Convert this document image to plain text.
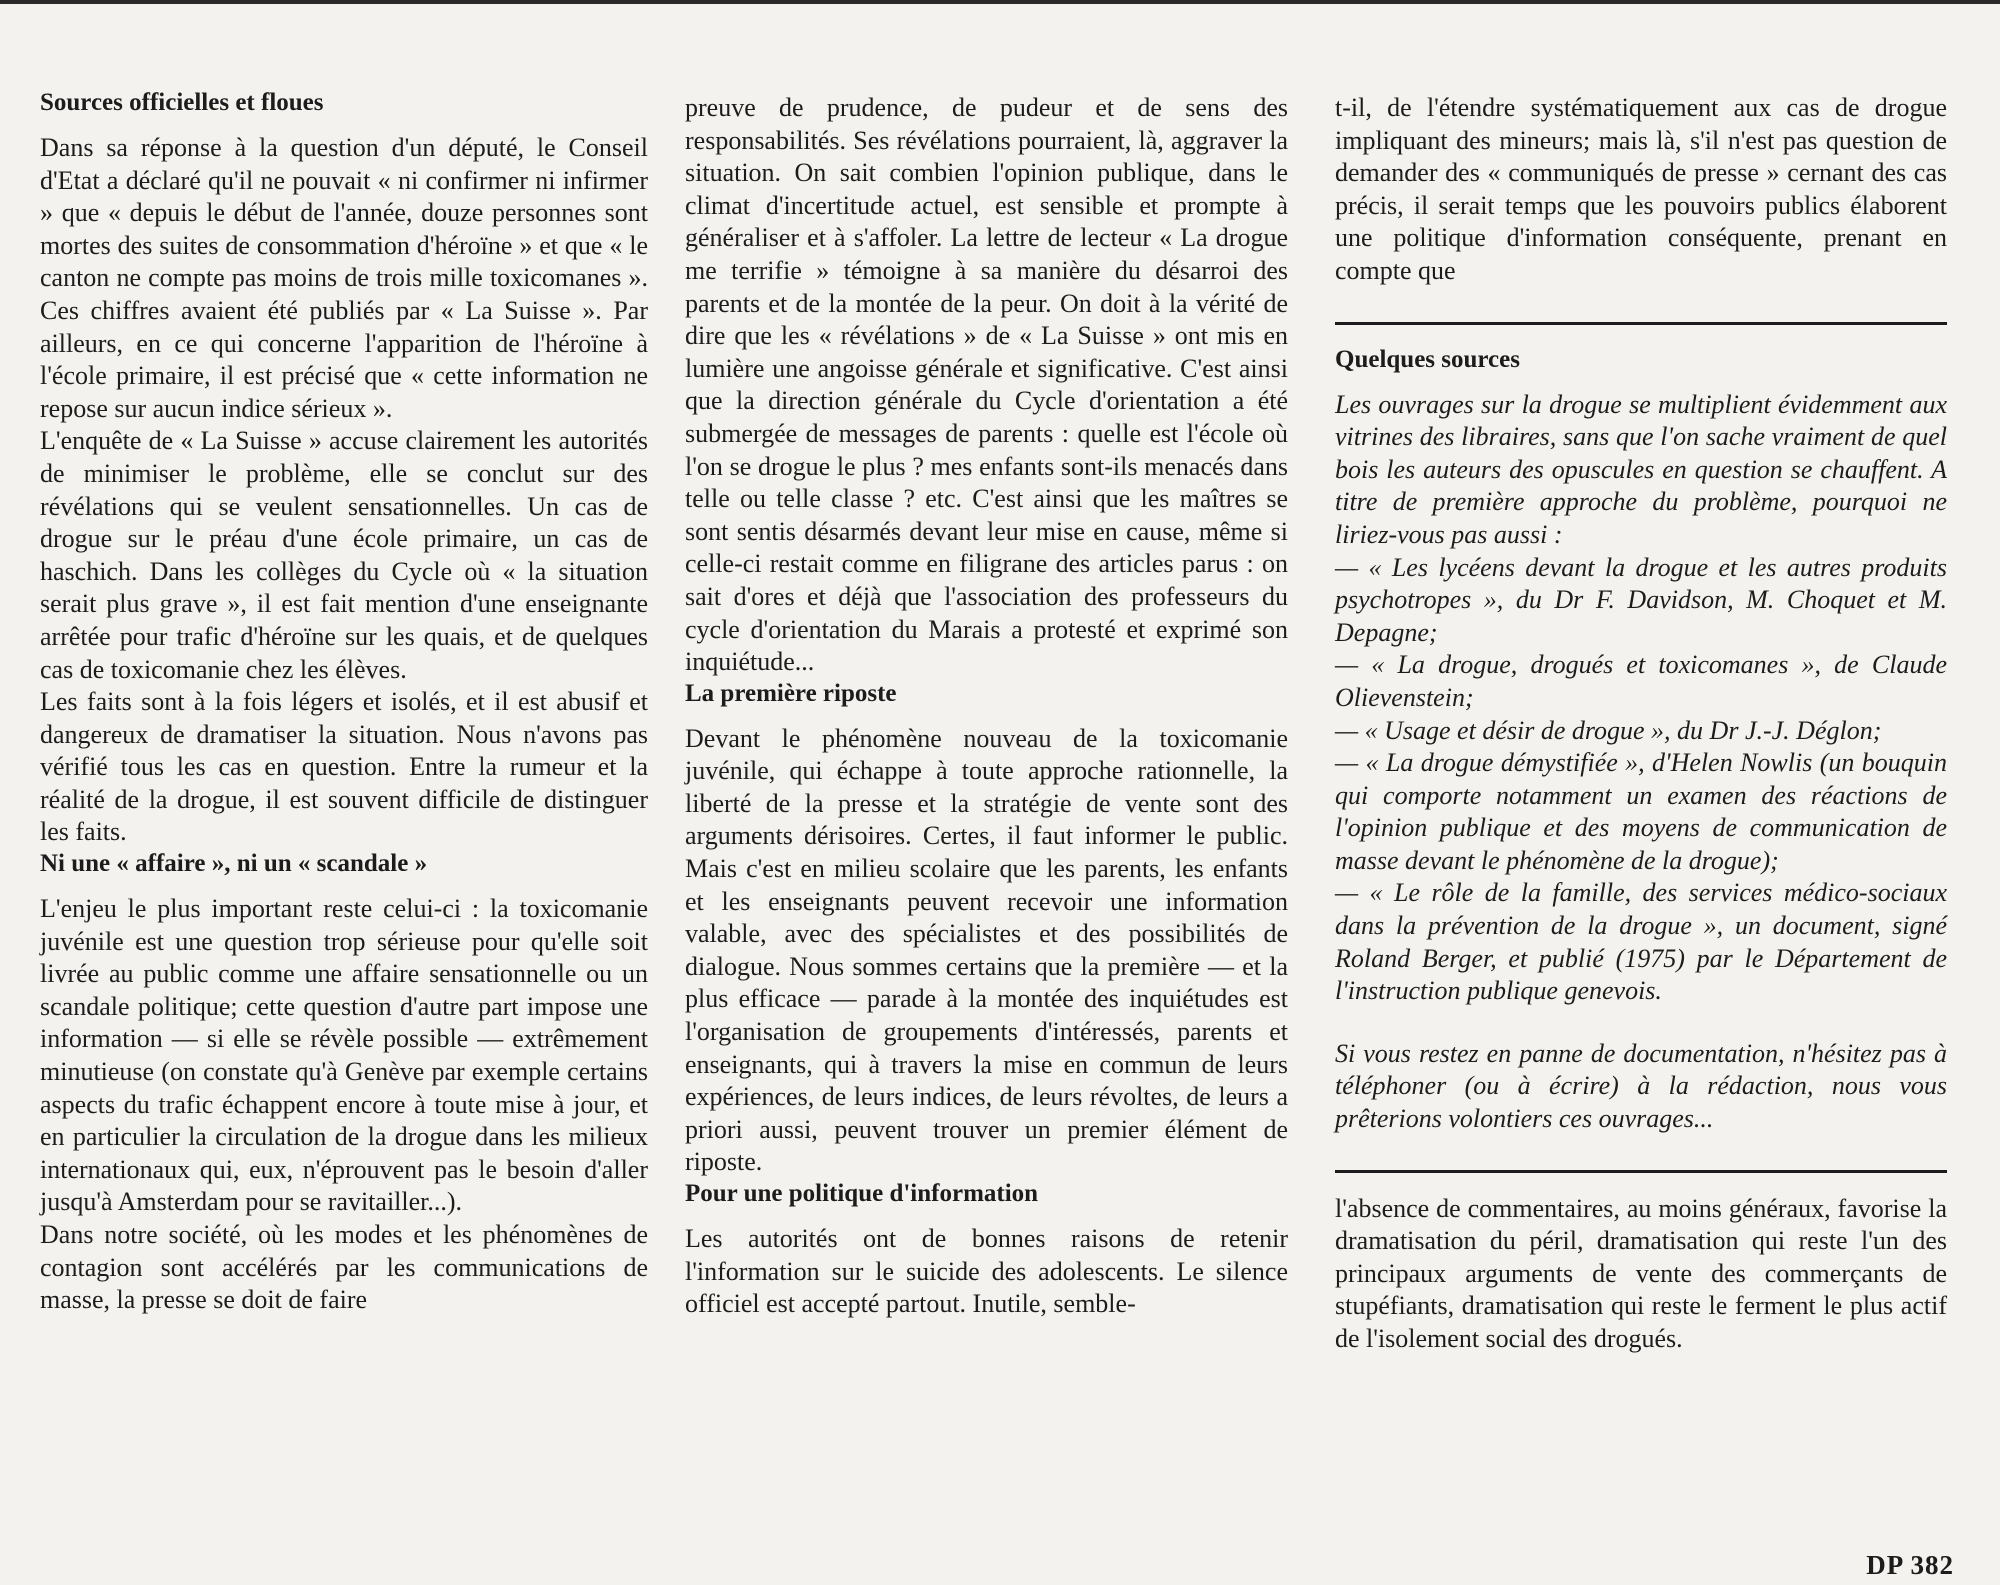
Sources officielles et floues

Dans sa réponse à la question d'un député, le Conseil d'Etat a déclaré qu'il ne pouvait « ni confirmer ni infirmer » que « depuis le début de l'année, douze personnes sont mortes des suites de consommation d'héroïne » et que « le canton ne compte pas moins de trois mille toxicomanes ». Ces chiffres avaient été publiés par « La Suisse ». Par ailleurs, en ce qui concerne l'apparition de l'héroïne à l'école primaire, il est précisé que « cette information ne repose sur aucun indice sérieux ».

L'enquête de « La Suisse » accuse clairement les autorités de minimiser le problème, elle se conclut sur des révélations qui se veulent sensationnelles. Un cas de drogue sur le préau d'une école primaire, un cas de haschich. Dans les collèges du Cycle où « la situation serait plus grave », il est fait mention d'une enseignante arrêtée pour trafic d'héroïne sur les quais, et de quelques cas de toxicomanie chez les élèves.

Les faits sont à la fois légers et isolés, et il est abusif et dangereux de dramatiser la situation. Nous n'avons pas vérifié tous les cas en question. Entre la rumeur et la réalité de la drogue, il est souvent difficile de distinguer les faits.

Ni une « affaire », ni un « scandale »

L'enjeu le plus important reste celui-ci : la toxicomanie juvénile est une question trop sérieuse pour qu'elle soit livrée au public comme une affaire sensationnelle ou un scandale politique; cette question d'autre part impose une information — si elle se révèle possible — extrêmement minutieuse (on constate qu'à Genève par exemple certains aspects du trafic échappent encore à toute mise à jour, et en particulier la circulation de la drogue dans les milieux internationaux qui, eux, n'éprouvent pas le besoin d'aller jusqu'à Amsterdam pour se ravitailler...).

Dans notre société, où les modes et les phénomènes de contagion sont accélérés par les communications de masse, la presse se doit de faire

preuve de prudence, de pudeur et de sens des responsabilités. Ses révélations pourraient, là, aggraver la situation. On sait combien l'opinion publique, dans le climat d'incertitude actuel, est sensible et prompte à généraliser et à s'affoler. La lettre de lecteur « La drogue me terrifie » témoigne à sa manière du désarroi des parents et de la montée de la peur. On doit à la vérité de dire que les « révélations » de « La Suisse » ont mis en lumière une angoisse générale et significative. C'est ainsi que la direction générale du Cycle d'orientation a été submergée de messages de parents : quelle est l'école où l'on se drogue le plus ? mes enfants sont-ils menacés dans telle ou telle classe ? etc. C'est ainsi que les maîtres se sont sentis désarmés devant leur mise en cause, même si celle-ci restait comme en filigrane des articles parus : on sait d'ores et déjà que l'association des professeurs du cycle d'orientation du Marais a protesté et exprimé son inquiétude...

La première riposte

Devant le phénomène nouveau de la toxicomanie juvénile, qui échappe à toute approche rationnelle, la liberté de la presse et la stratégie de vente sont des arguments dérisoires. Certes, il faut informer le public. Mais c'est en milieu scolaire que les parents, les enfants et les enseignants peuvent recevoir une information valable, avec des spécialistes et des possibilités de dialogue. Nous sommes certains que la première — et la plus efficace — parade à la montée des inquiétudes est l'organisation de groupements d'intéressés, parents et enseignants, qui à travers la mise en commun de leurs expériences, de leurs indices, de leurs révoltes, de leurs a priori aussi, peuvent trouver un premier élément de riposte.

Pour une politique d'information

Les autorités ont de bonnes raisons de retenir l'information sur le suicide des adolescents. Le silence officiel est accepté partout. Inutile, semble-

t-il, de l'étendre systématiquement aux cas de drogue impliquant des mineurs; mais là, s'il n'est pas question de demander des « communiqués de presse » cernant des cas précis, il serait temps que les pouvoirs publics élaborent une politique d'information conséquente, prenant en compte que

Quelques sources

Les ouvrages sur la drogue se multiplient évidemment aux vitrines des libraires, sans que l'on sache vraiment de quel bois les auteurs des opuscules en question se chauffent. A titre de première approche du problème, pourquoi ne liriez-vous pas aussi :

— « Les lycéens devant la drogue et les autres produits psychotropes », du Dr F. Davidson, M. Choquet et M. Depagne;

— « La drogue, drogués et toxicomanes », de Claude Olievenstein;

— « Usage et désir de drogue », du Dr J.-J. Déglon;

— « La drogue démystifiée », d'Helen Nowlis (un bouquin qui comporte notamment un examen des réactions de l'opinion publique et des moyens de communication de masse devant le phénomène de la drogue);

— « Le rôle de la famille, des services médico-sociaux dans la prévention de la drogue », un document, signé Roland Berger, et publié (1975) par le Département de l'instruction publique genevois.

Si vous restez en panne de documentation, n'hésitez pas à téléphoner (ou à écrire) à la rédaction, nous vous prêterions volontiers ces ouvrages...

l'absence de commentaires, au moins généraux, favorise la dramatisation du péril, dramatisation qui reste l'un des principaux arguments de vente des commerçants de stupéfiants, dramatisation qui reste le ferment le plus actif de l'isolement social des drogués.

DP 382
